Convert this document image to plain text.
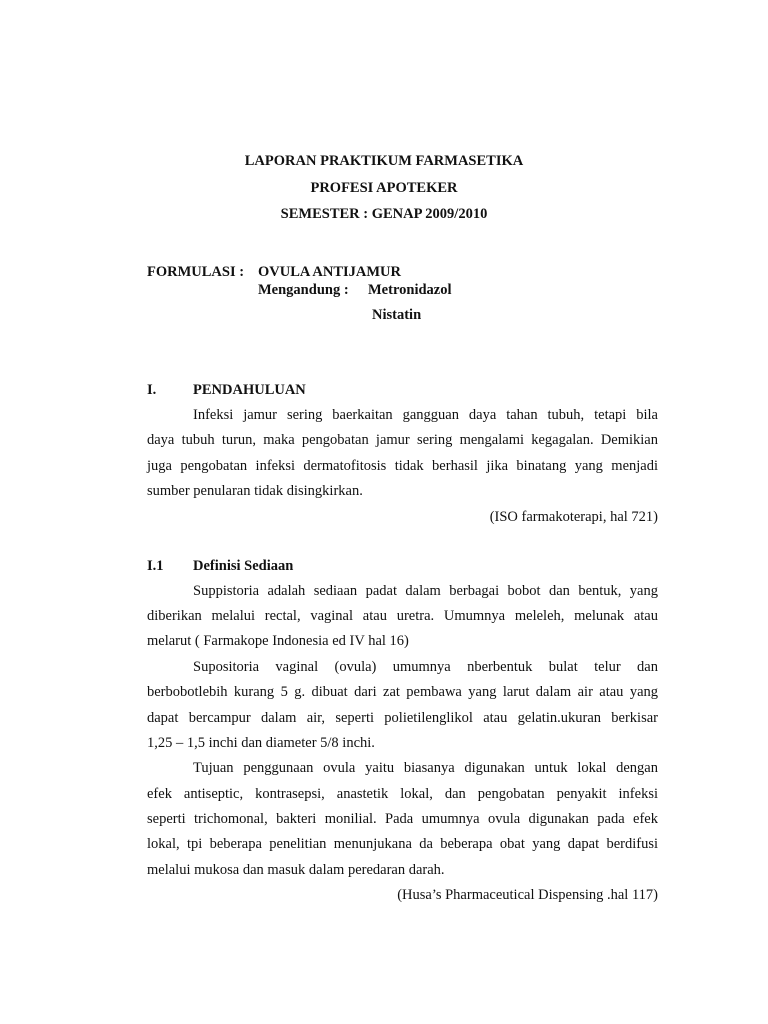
LAPORAN PRAKTIKUM FARMASETIKA
PROFESI APOTEKER
SEMESTER : GENAP 2009/2010
FORMULASI : OVULA ANTIJAMUR
Mengandung : Metronidazol
Nistatin
I.	PENDAHULUAN
Infeksi jamur sering baerkaitan gangguan daya tahan tubuh, tetapi bila
daya tubuh turun, maka pengobatan jamur sering mengalami kegagalan. Demikian
juga pengobatan infeksi dermatofitosis tidak berhasil jika binatang yang menjadi
sumber penularan tidak disingkirkan.
(ISO farmakoterapi, hal 721)
I.1 Definisi Sediaan
Suppistoria adalah sediaan padat dalam berbagai bobot dan bentuk, yang
diberikan melalui rectal, vaginal atau uretra. Umumnya meleleh, melunak atau
melarut ( Farmakope Indonesia ed IV hal 16)
Supositoria vaginal (ovula) umumnya nberbentuk bulat telur dan
berbobotlebih kurang 5 g. dibuat dari zat pembawa yang larut dalam air atau yang
dapat bercampur dalam air, seperti polietilenglikol atau gelatin.ukuran berkisar
1,25 – 1,5 inchi dan diameter 5/8 inchi.
Tujuan penggunaan ovula yaitu biasanya digunakan untuk lokal dengan
efek antiseptic, kontrasepsi, anastetik lokal, dan pengobatan penyakit infeksi
seperti trichomonal, bakteri monilial. Pada umumnya ovula digunakan pada efek
lokal, tpi beberapa penelitian menunjukana da beberapa obat yang dapat berdifusi
melalui mukosa dan masuk dalam peredaran darah.
(Husa’s Pharmaceutical Dispensing .hal 117)
